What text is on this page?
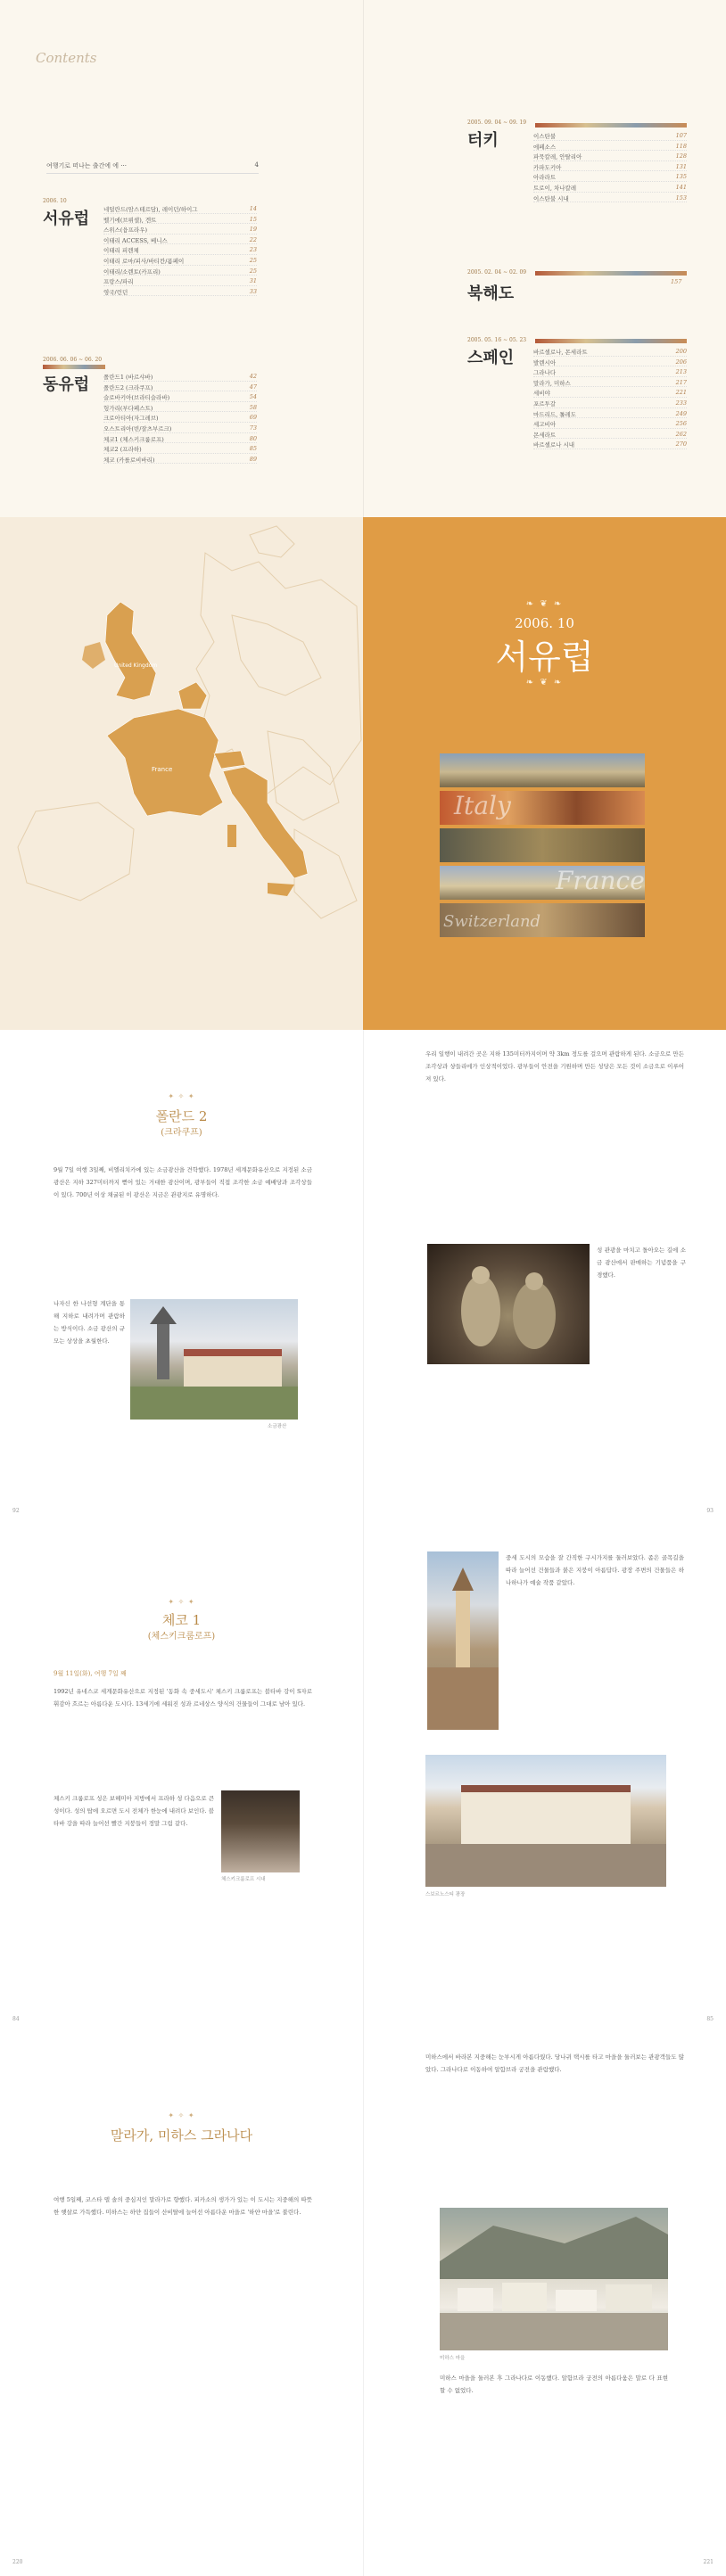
Contents
여행기로 떠나는 출간에 에 ···	4
2006. 10
서유럽 네덜란드(암스테르담), 레이던/하이그	14
벨기에(브뤼셀), 겐트	15
스위스(융프라우)	19
이태리 ACCESS, 베니스	22
이태리 피렌체	23
이태리 로마/피사/바티칸/폼페이	25
이태리/소렌토(카프리)	25
프랑스/파리	31
영국/런던	33
2006. 06. 06 ~ 06. 20
동유럽	폴란드1 (바르샤바)	42
폴란드2 (크라쿠프)	47
슬로바키아(브라티슬라바)	54
헝가리(부다페스트)	58
크로아티아(자그레브)	69
오스트리아(빈/잘츠부르크)	73
체코1 (체스키크룸로프)	80
체코2 (프라하)	85
체코 (카를로비바리)	89
2005. 09. 04 ~ 09. 19
터키	이스탄불	107
에페소스	118
파묵칼레, 안탈리아	128
카파도키아	131
아라라트	135
트로이, 차나칼레	141
이스탄불 시내	153
2005. 02. 04 ~ 02. 09
북해도
157
2005. 05. 16 ~ 05. 23
스페인	바르셀로나, 몬세라트	200
발렌시아	206
그라나다	213
말라가, 미하스	217
세비야	221
포르투갈	233
마드리드, 톨레도	249
세고비아	256
몬세라트	262
바르셀로나 시내	270
United Kingdom
France
❧ ❦ ❧
2006. 10
서유럽
❧ ❦ ❧
Italy
France
Switzerland
✦ ✧ ✦
폴란드 2
(크라쿠프)
9월 7일 여행 3일째, 비엘리치카에 있는 소금광산을 견학했다. 1978년 세계문화유산으로 지정된 소금광산은 지하 327미터까지 뻗어 있는 거대한 광산이며, 광부들이 직접 조각한 소금 예배당과 조각상들이 있다. 700년 이상 채굴된 이 광산은 지금은 관광지로 유명하다.
소금광산
나자신 한 나선형 계단을 통해 지하로 내려가며 관람하는 방식이다. 소금 광산의 규모는 상상을 초월한다.
92
우리 일행이 내려간 곳은 지하 135미터까지이며 약 3km 정도를 걸으며 관람하게 된다. 소금으로 만든 조각상과 샹들리에가 인상적이었다. 광부들이 안전을 기원하며 만든 성당은 모든 것이 소금으로 이루어져 있다.
성 관광을 마치고 돌아오는 길에 소금 광산에서 판매하는 기념품을 구경했다.
93
✦ ✧ ✦
체코 1
(체스키크룸로프)
9월 11일(화), 여행 7일 째
1992년 유네스코 세계문화유산으로 지정된 '동화 속 중세도시' 체스키 크룸로프는 블타바 강이 S자로 휘감아 흐르는 아름다운 도시다. 13세기에 세워진 성과 르네상스 양식의 건물들이 그대로 남아 있다.
체스키 크룸로프 성은 보헤미아 지방에서 프라하 성 다음으로 큰 성이다. 성의 탑에 오르면 도시 전체가 한눈에 내려다 보인다. 블타바 강을 따라 늘어선 빨간 지붕들이 정말 그림 같다.
체스키크룸로프 시내
84
중세 도시의 모습을 잘 간직한 구시가지를 둘러보았다. 좁은 골목길을 따라 늘어선 건물들과 붉은 지붕이 아름답다. 광장 주변의 건물들은 하나하나가 예술 작품 같았다.
스보르노스티 광장
85
✦ ✧ ✦
말라가, 미하스 그라나다
여행 5일째, 코스타 델 솔의 중심지인 말라가로 향했다. 피카소의 생가가 있는 이 도시는 지중해의 따뜻한 햇살로 가득했다. 미하스는 하얀 집들이 산비탈에 늘어선 아름다운 마을로 '하얀 마을'로 불린다.
220
미하스에서 바라본 지중해는 눈부시게 아름다웠다. 당나귀 택시를 타고 마을을 둘러보는 관광객들도 많았다. 그라나다로 이동하여 알함브라 궁전을 관람했다.
미하스 마을
미하스 마을을 둘러본 후 그라나다로 이동했다. 알함브라 궁전의 아름다움은 말로 다 표현할 수 없었다.
221
